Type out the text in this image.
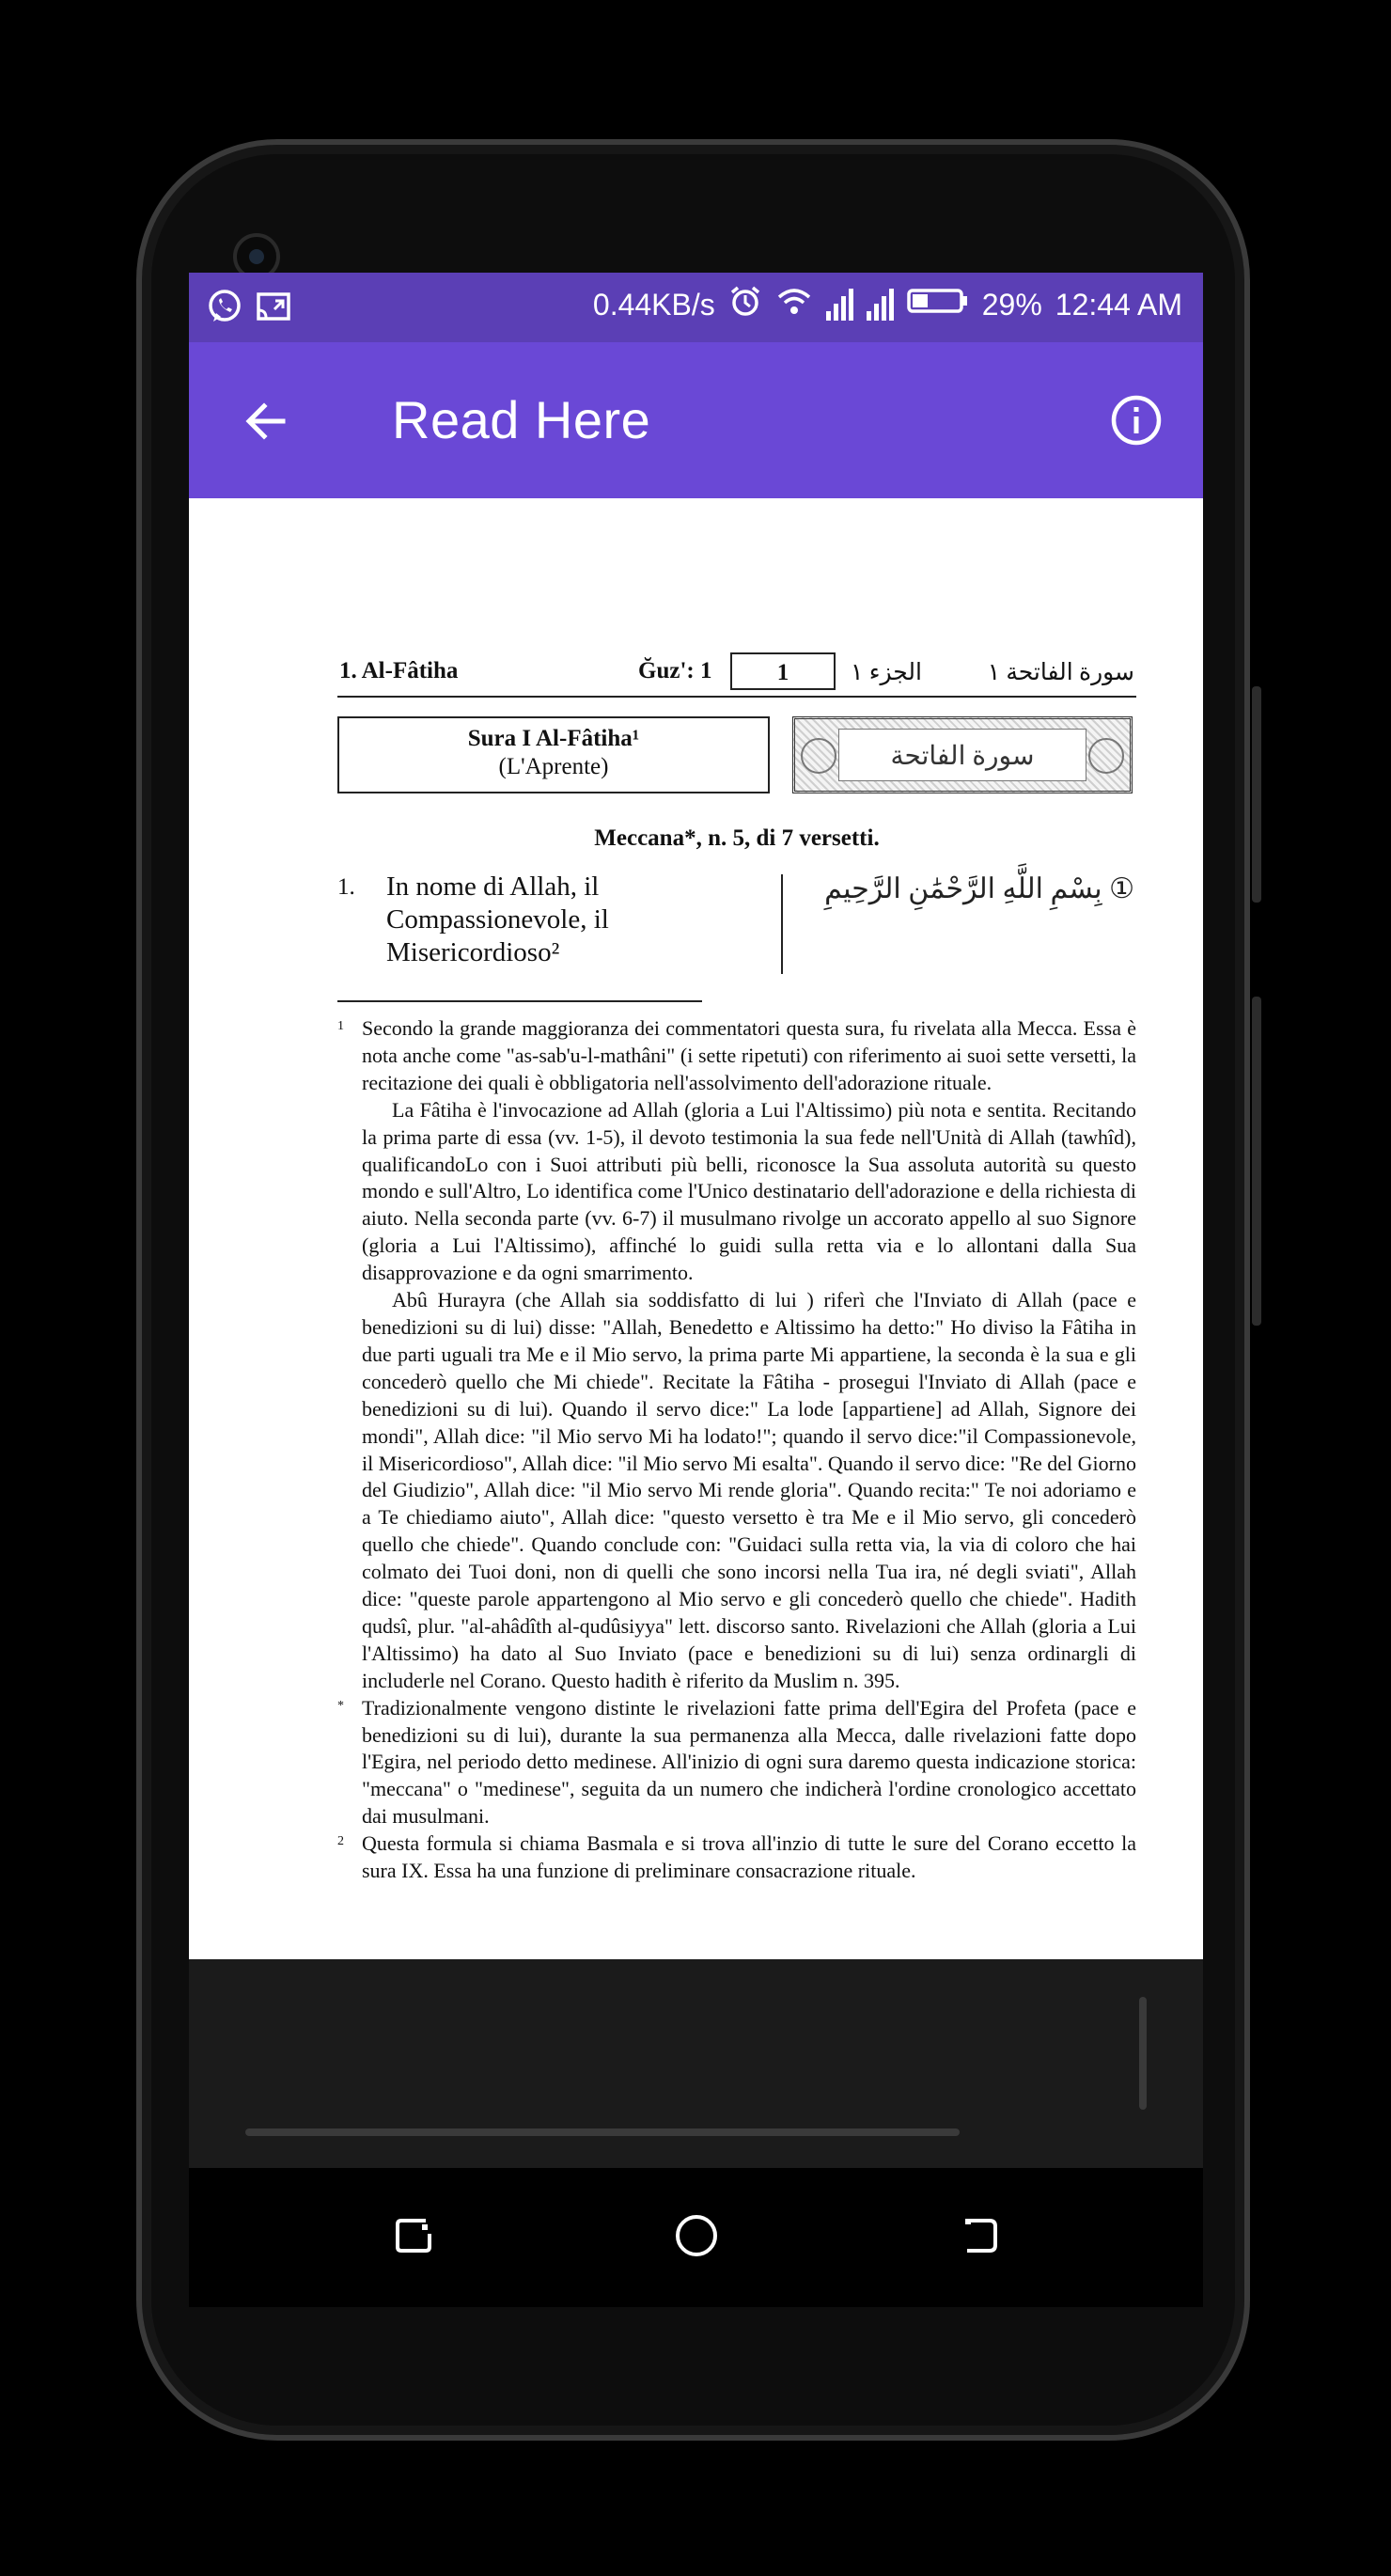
0.44KB/s	29% 12:44 AM
Read Here
1. Al-Fâtiha	Ğuz': 1	1	الجزء ١	سورة الفاتحة ١
Sura I Al-Fâtiha¹
(L'Aprente)	سورة الفاتحة
Meccana*, n. 5, di 7 versetti.
1. In nome di Allah, il Compassionevole, il Misericordioso²
بِسْمِ اللَّهِ الرَّحْمَٰنِ الرَّحِيمِ ①
1 Secondo la grande maggioranza dei commentatori questa sura, fu rivelata alla Mecca. Essa è nota anche come "as-sab'u-l-mathâni" (i sette ripetuti) con riferimento ai suoi sette versetti, la recitazione dei quali è obbligatoria nell'assolvimento dell'adorazione rituale.

La Fâtiha è l'invocazione ad Allah (gloria a Lui l'Altissimo) più nota e sentita. Recitando la prima parte di essa (vv. 1-5), il devoto testimonia la sua fede nell'Unità di Allah (tawhîd), qualificandoLo con i Suoi attributi più belli, riconosce la Sua assoluta autorità su questo mondo e sull'Altro, Lo identifica come l'Unico destinatario dell'adorazione e della richiesta di aiuto. Nella seconda parte (vv. 6-7) il musulmano rivolge un accorato appello al suo Signore (gloria a Lui l'Altissimo), affinché lo guidi sulla retta via e lo allontani dalla Sua disapprovazione e da ogni smarrimento.

Abû Hurayra (che Allah sia soddisfatto di lui ) riferì che l'Inviato di Allah (pace e benedizioni su di lui) disse: "Allah, Benedetto e Altissimo ha detto:" Ho diviso la Fâtiha in due parti uguali tra Me e il Mio servo, la prima parte Mi appartiene, la seconda è la sua e gli concederò quello che Mi chiede". Recitate la Fâtiha - prosegui l'Inviato di Allah (pace e benedizioni su di lui). Quando il servo dice:" La lode [appartiene] ad Allah, Signore dei mondi", Allah dice: "il Mio servo Mi ha lodato!"; quando il servo dice:"il Compassionevole, il Misericordioso", Allah dice: "il Mio servo Mi esalta". Quando il servo dice: "Re del Giorno del Giudizio", Allah dice: "il Mio servo Mi rende gloria". Quando recita:" Te noi adoriamo e a Te chiediamo aiuto", Allah dice: "questo versetto è tra Me e il Mio servo, gli concederò quello che chiede". Quando conclude con: "Guidaci sulla retta via, la via di coloro che hai colmato dei Tuoi doni, non di quelli che sono incorsi nella Tua ira, né degli sviati", Allah dice: "queste parole appartengono al Mio servo e gli concederò quello che chiede". Hadith qudsî, plur. "al-ahâdîth al-qudûsiyya" lett. discorso santo. Rivelazioni che Allah (gloria a Lui l'Altissimo) ha dato al Suo Inviato (pace e benedizioni su di lui) senza ordinargli di includerle nel Corano. Questo hadith è riferito da Muslim n. 395.

* Tradizionalmente vengono distinte le rivelazioni fatte prima dell'Egira del Profeta (pace e benedizioni su di lui), durante la sua permanenza alla Mecca, dalle rivelazioni fatte dopo l'Egira, nel periodo detto medinese. All'inizio di ogni sura daremo questa indicazione storica: "meccana" o "medinese", seguita da un numero che indicherà l'ordine cronologico accettato dai musulmani.

2 Questa formula si chiama Basmala e si trova all'inzio di tutte le sure del Corano eccetto la sura IX. Essa ha una funzione di preliminare consacrazione rituale.
